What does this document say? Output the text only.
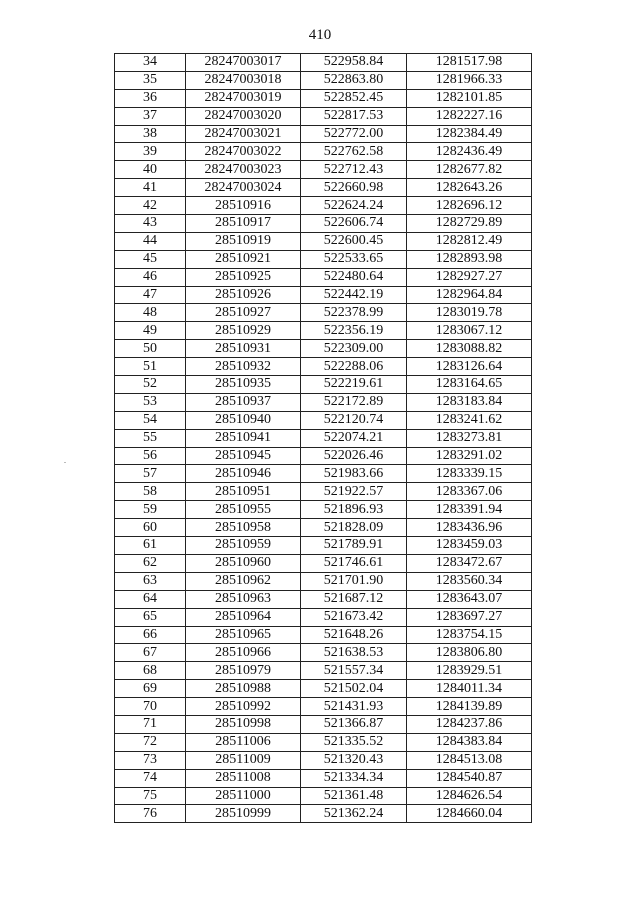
410
34	28247003017	522958.84	1281517.98
35	28247003018	522863.80	1281966.33
36	28247003019	522852.45	1282101.85
37	28247003020	522817.53	1282227.16
38	28247003021	522772.00	1282384.49
39	28247003022	522762.58	1282436.49
40	28247003023	522712.43	1282677.82
41	28247003024	522660.98	1282643.26
42	28510916	522624.24	1282696.12
43	28510917	522606.74	1282729.89
44	28510919	522600.45	1282812.49
45	28510921	522533.65	1282893.98
46	28510925	522480.64	1282927.27
47	28510926	522442.19	1282964.84
48	28510927	522378.99	1283019.78
49	28510929	522356.19	1283067.12
50	28510931	522309.00	1283088.82
51	28510932	522288.06	1283126.64
52	28510935	522219.61	1283164.65
53	28510937	522172.89	1283183.84
54	28510940	522120.74	1283241.62
55	28510941	522074.21	1283273.81
56	28510945	522026.46	1283291.02
57	28510946	521983.66	1283339.15
58	28510951	521922.57	1283367.06
59	28510955	521896.93	1283391.94
60	28510958	521828.09	1283436.96
61	28510959	521789.91	1283459.03
62	28510960	521746.61	1283472.67
63	28510962	521701.90	1283560.34
64	28510963	521687.12	1283643.07
65	28510964	521673.42	1283697.27
66	28510965	521648.26	1283754.15
67	28510966	521638.53	1283806.80
68	28510979	521557.34	1283929.51
69	28510988	521502.04	1284011.34
70	28510992	521431.93	1284139.89
71	28510998	521366.87	1284237.86
72	28511006	521335.52	1284383.84
73	28511009	521320.43	1284513.08
74	28511008	521334.34	1284540.87
75	28511000	521361.48	1284626.54
76	28510999	521362.24	1284660.04
